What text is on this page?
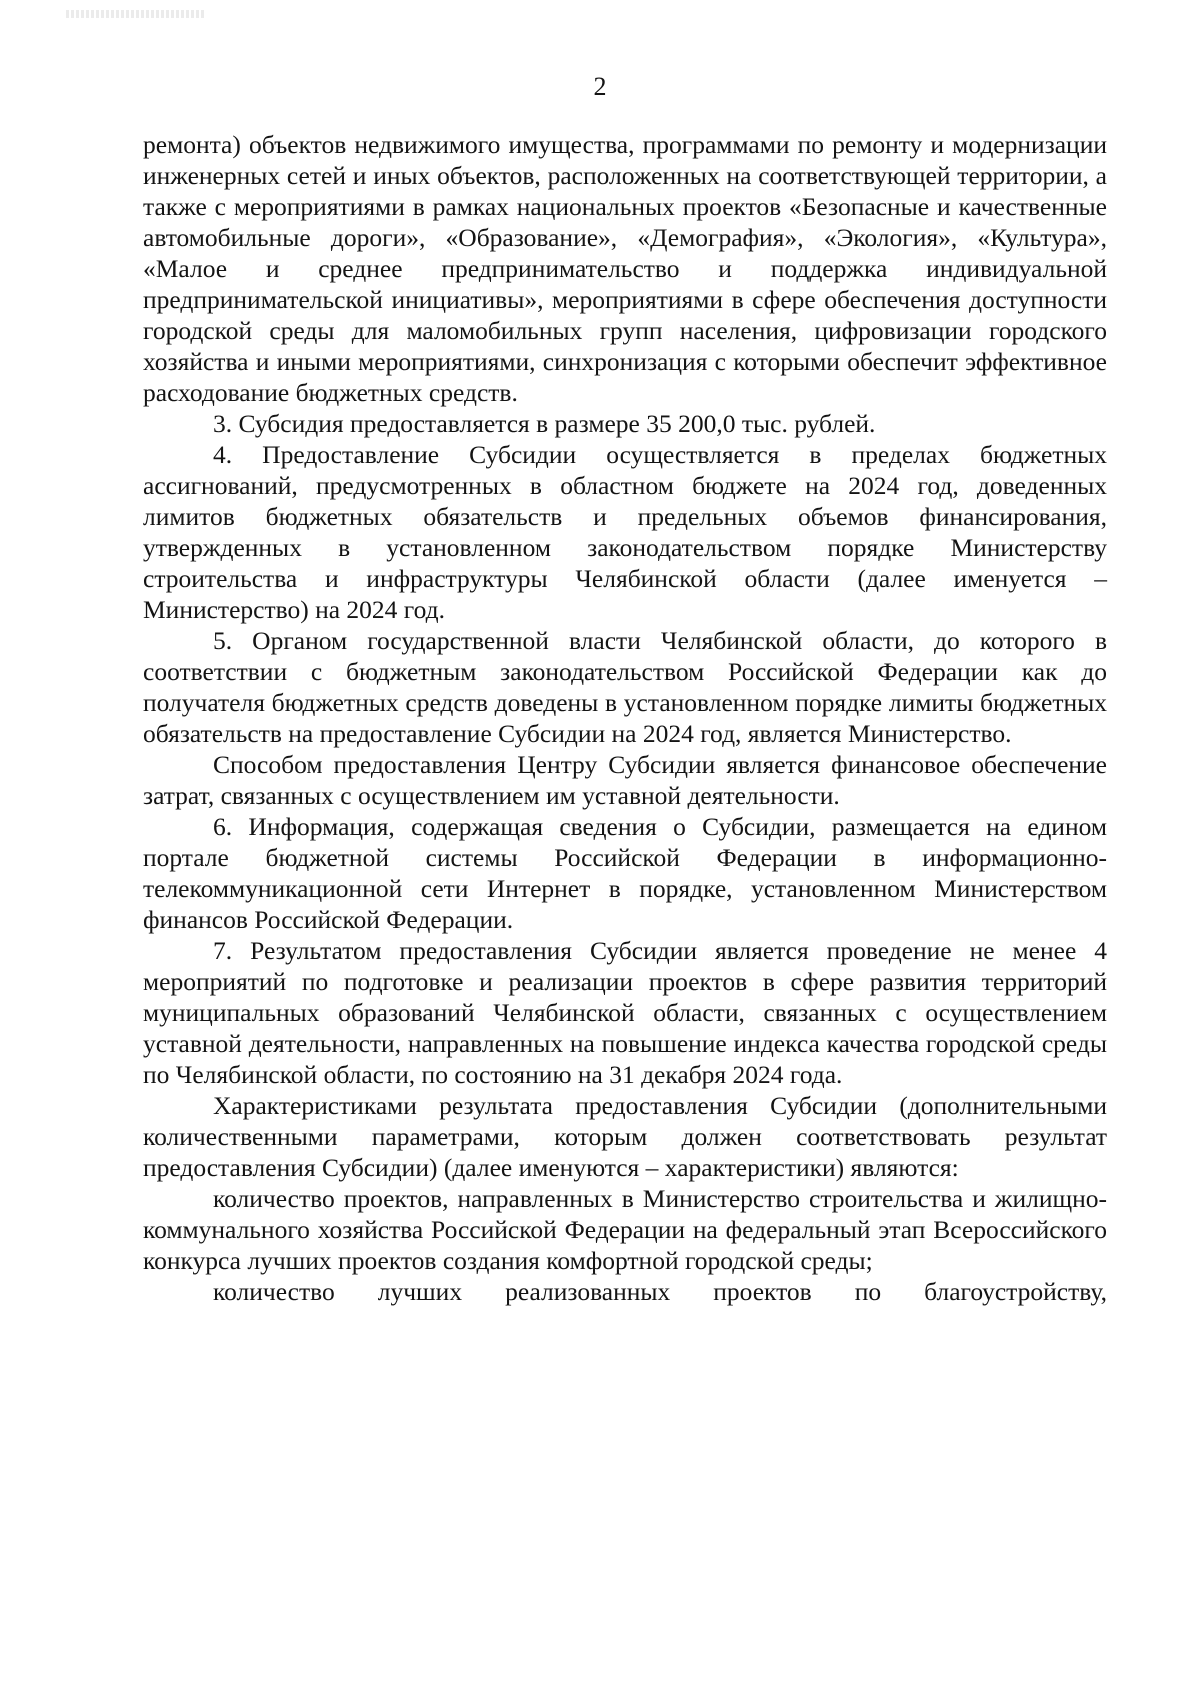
2

ремонта) объектов недвижимого имущества, программами по ремонту и модернизации инженерных сетей и иных объектов, расположенных на соответствующей территории, а также с мероприятиями в рамках национальных проектов «Безопасные и качественные автомобильные дороги», «Образование», «Демография», «Экология», «Культура», «Малое и среднее предпринимательство и поддержка индивидуальной предпринимательской инициативы», мероприятиями в сфере обеспечения доступности городской среды для маломобильных групп населения, цифровизации городского хозяйства и иными мероприятиями, синхронизация с которыми обеспечит эффективное расходование бюджетных средств.

3. Субсидия предоставляется в размере 35 200,0 тыс. рублей.

4. Предоставление Субсидии осуществляется в пределах бюджетных ассигнований, предусмотренных в областном бюджете на 2024 год, доведенных лимитов бюджетных обязательств и предельных объемов финансирования, утвержденных в установленном законодательством порядке Министерству строительства и инфраструктуры Челябинской области (далее именуется – Министерство) на 2024 год.

5. Органом государственной власти Челябинской области, до которого в соответствии с бюджетным законодательством Российской Федерации как до получателя бюджетных средств доведены в установленном порядке лимиты бюджетных обязательств на предоставление Субсидии на 2024 год, является Министерство.

Способом предоставления Центру Субсидии является финансовое обеспечение затрат, связанных с осуществлением им уставной деятельности.

6. Информация, содержащая сведения о Субсидии, размещается на едином портале бюджетной системы Российской Федерации в информационно-телекоммуникационной сети Интернет в порядке, установленном Министерством финансов Российской Федерации.

7. Результатом предоставления Субсидии является проведение не менее 4 мероприятий по подготовке и реализации проектов в сфере развития территорий муниципальных образований Челябинской области, связанных с осуществлением уставной деятельности, направленных на повышение индекса качества городской среды по Челябинской области, по состоянию на 31 декабря 2024 года.

Характеристиками результата предоставления Субсидии (дополнительными количественными параметрами, которым должен соответствовать результат предоставления Субсидии) (далее именуются – характеристики) являются:

количество проектов, направленных в Министерство строительства и жилищно-коммунального хозяйства Российской Федерации на федеральный этап Всероссийского конкурса лучших проектов создания комфортной городской среды;

количество лучших реализованных проектов по благоустройству,
